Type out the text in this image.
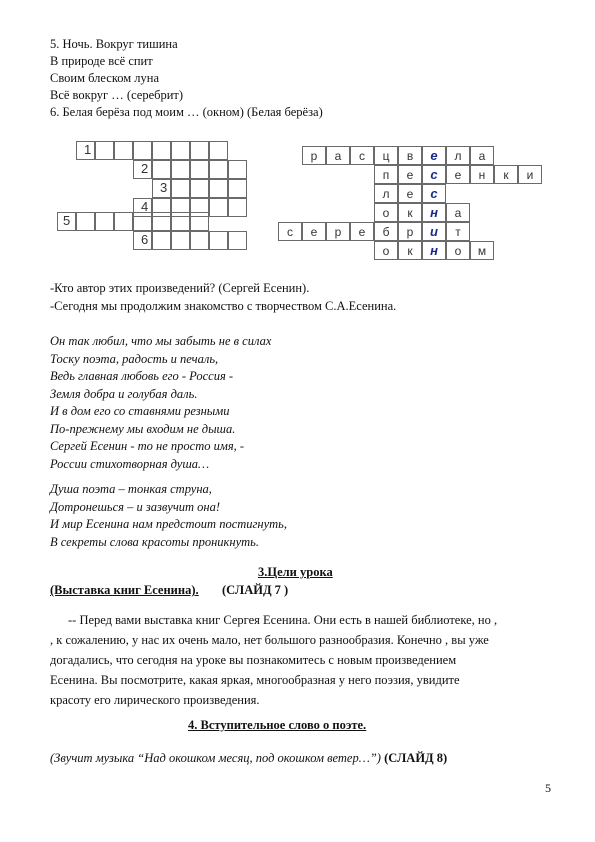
5. Ночь. Вокруг тишина
В природе всё спит
Своим блеском луна
Всё вокруг … (серебрит)
6. Белая берёза под моим … (окном) (Белая берёза)
1
2
3
4
5
6
р	а	с	ц	в	е	л	а
п	е	с	е	н	к	и
л	е	с
о	к	н	а
с	е	р	е	б	р	и	т
о	к	н	о	м
-Кто автор этих произведений? (Сергей Есенин).
-Сегодня мы продолжим знакомство с творчеством С.А.Есенина.
Он так любил, что мы забыть не в силах
Тоску поэта, радость и печаль,
Ведь главная любовь его - Россия -
Земля добра и голубая даль.
И в дом его со ставнями резными
По-прежнему мы входим не дыша.
Сергей Есенин - то не просто имя, -
России стихотворная душа…
Душа поэта – тонкая струна,
Дотронешься – и зазвучит она!
И мир Есенина нам предстоит постигнуть,
В секреты слова красоты проникнуть.
3.Цели урока
(Выставка книг Есенина). (СЛАЙД 7 )
-- Перед вами выставка книг Сергея Есенина. Они есть в нашей библиотеке, но ,
, к сожалению, у нас их очень мало, нет большого разнообразия. Конечно , вы уже
догадались, что сегодня на уроке вы познакомитесь с новым произведением
Есенина. Вы посмотрите, какая яркая, многообразная у него поэзия, увидите
красоту его лирического произведения.
4. Вступительное слово о поэте.
(Звучит музыка “Над окошком месяц, под окошком ветер…”) (СЛАЙД 8)
5
